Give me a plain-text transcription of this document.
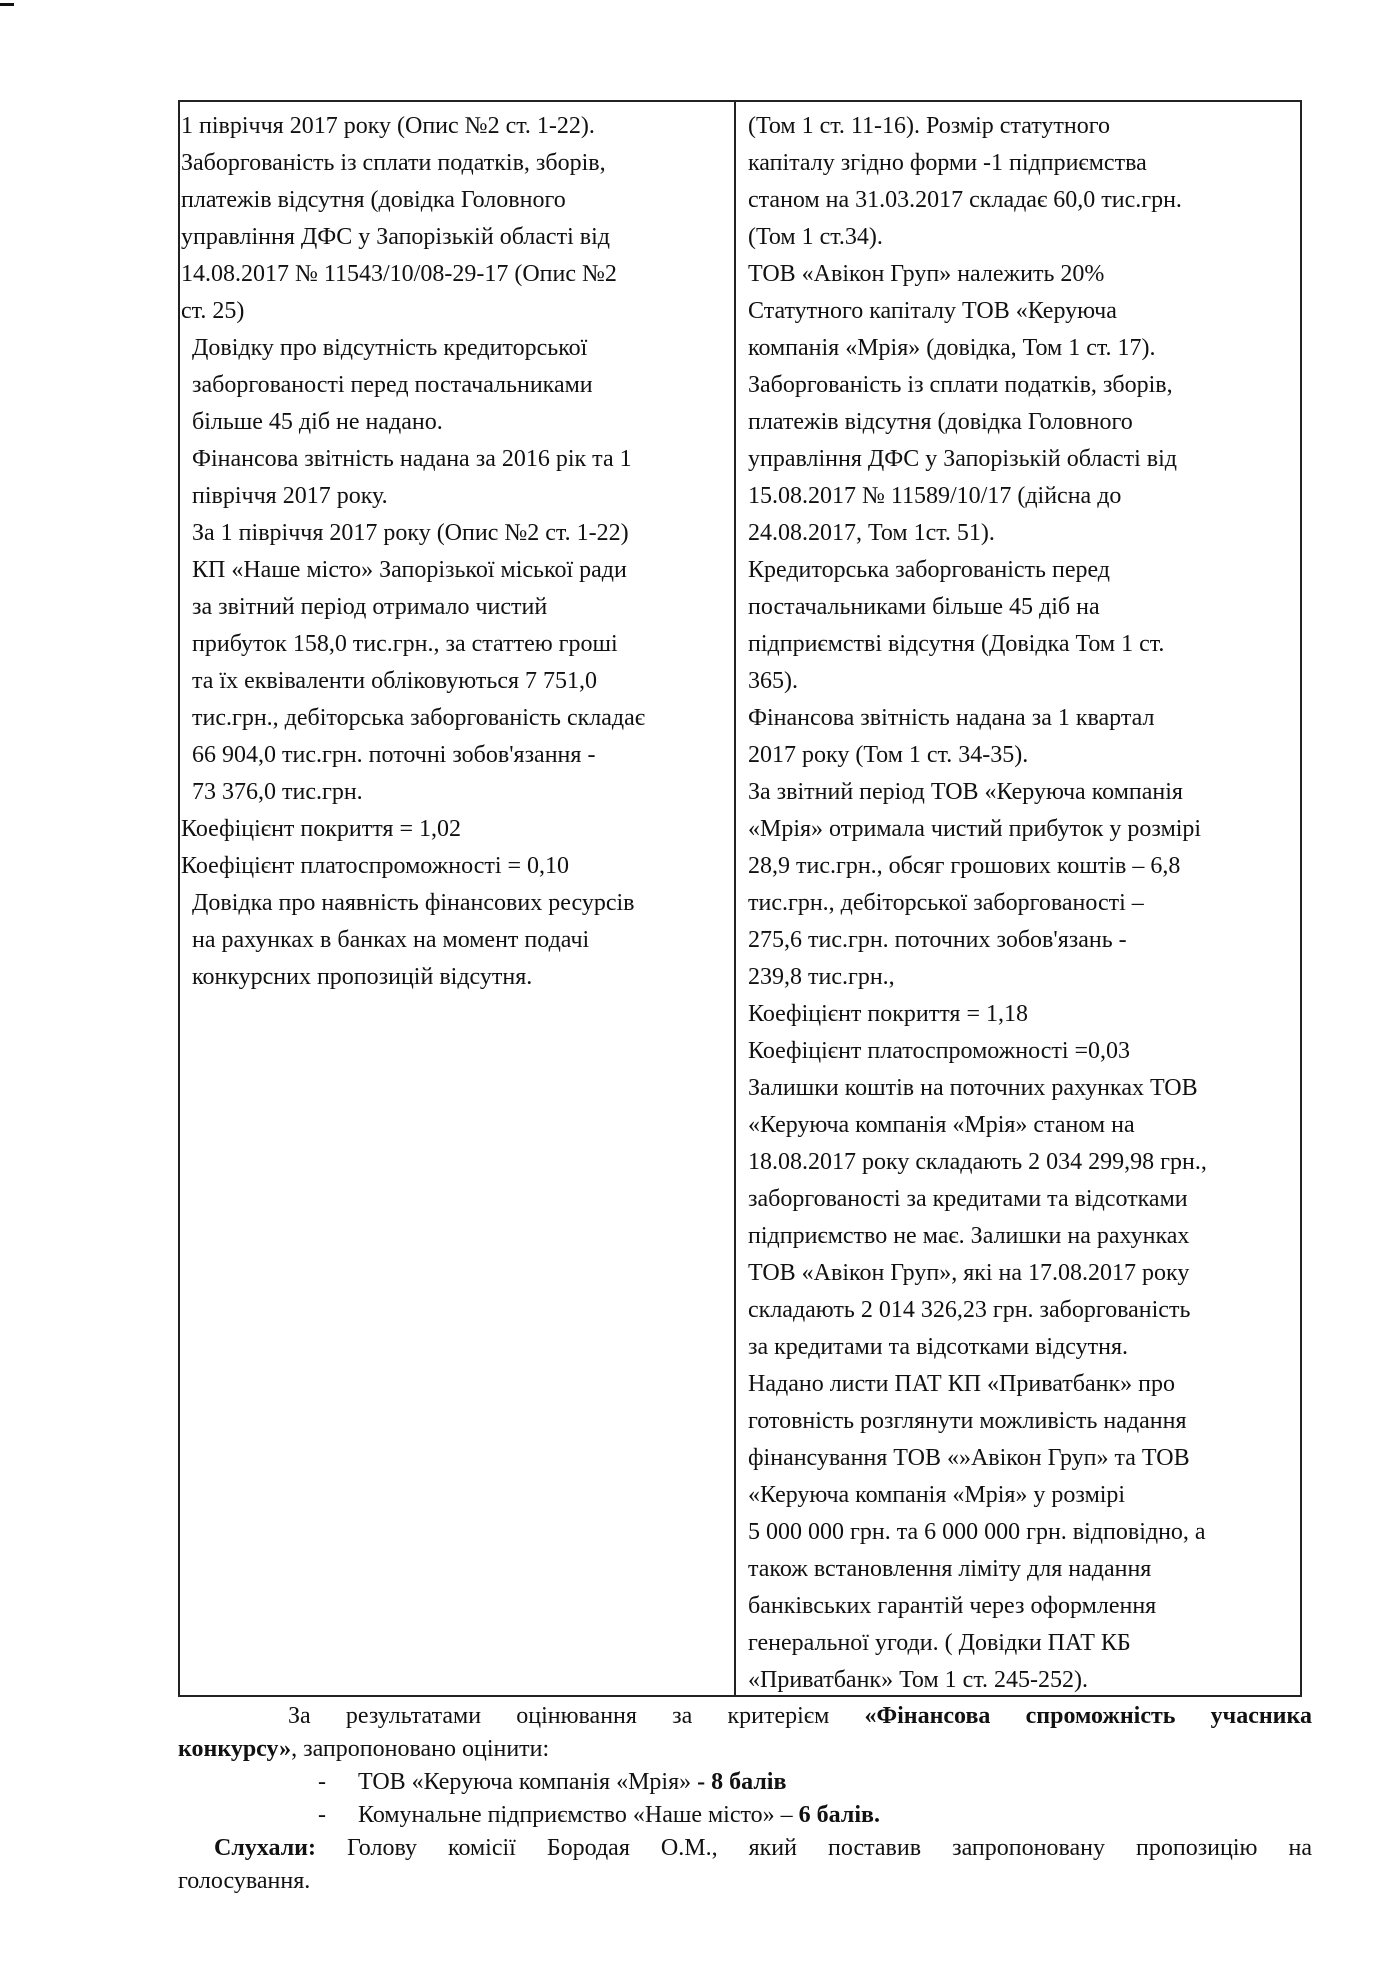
1 півріччя 2017 року (Опис №2 ст. 1-22).
Заборгованість із сплати податків, зборів,
платежів відсутня (довідка Головного
управління ДФС у Запорізькій області від
14.08.2017 № 11543/10/08-29-17 (Опис №2
ст. 25)
Довідку про відсутність кредиторської
заборгованості перед постачальниками
більше 45 діб не надано.
Фінансова звітність надана за 2016 рік та 1
півріччя 2017 року.
За 1 півріччя 2017 року (Опис №2 ст. 1-22)
КП «Наше місто» Запорізької міської ради
за звітний період отримало чистий
прибуток 158,0 тис.грн., за статтею гроші
та їх еквіваленти обліковуються 7 751,0
тис.грн., дебіторська заборгованість складає
66 904,0 тис.грн. поточні зобов'язання -
73 376,0 тис.грн.
Коефіцієнт покриття = 1,02
Коефіцієнт платоспроможності = 0,10
Довідка про наявність фінансових ресурсів
на рахунках в банках на момент подачі
конкурсних пропозицій відсутня.
(Том 1 ст. 11-16). Розмір статутного
капіталу згідно форми -1 підприємства
станом на 31.03.2017 складає 60,0 тис.грн.
(Том 1 ст.34).
ТОВ «Авікон Груп» належить 20%
Статутного капіталу ТОВ «Керуюча
компанія «Мрія» (довідка, Том 1 ст. 17).
Заборгованість із сплати податків, зборів,
платежів відсутня (довідка Головного
управління ДФС у Запорізькій області від
15.08.2017 № 11589/10/17 (дійсна до
24.08.2017, Том 1ст. 51).
Кредиторська заборгованість перед
постачальниками більше 45 діб на
підприємстві відсутня (Довідка Том 1 ст.
365).
Фінансова звітність надана за 1 квартал
2017 року (Том 1 ст. 34-35).
За звітний період ТОВ «Керуюча компанія
«Мрія» отримала чистий прибуток у розмірі
28,9 тис.грн., обсяг грошових коштів – 6,8
тис.грн., дебіторської заборгованості –
275,6 тис.грн. поточних зобов'язань -
239,8 тис.грн.,
Коефіцієнт покриття = 1,18
Коефіцієнт платоспроможності =0,03
Залишки коштів на поточних рахунках ТОВ
«Керуюча компанія «Мрія» станом на
18.08.2017 року складають 2 034 299,98 грн.,
заборгованості за кредитами та відсотками
підприємство не має. Залишки на рахунках
ТОВ «Авікон Груп», які на 17.08.2017 року
складають 2 014 326,23 грн. заборгованість
за кредитами та відсотками відсутня.
Надано листи ПАТ КП «Приватбанк» про
готовність розглянути можливість надання
фінансування ТОВ «»Авікон Груп» та ТОВ
«Керуюча компанія «Мрія» у розмірі
5 000 000 грн. та 6 000 000 грн. відповідно, а
також встановлення ліміту для надання
банківських гарантій через оформлення
генеральної угоди. ( Довідки ПАТ КБ
«Приватбанк» Том 1 ст. 245-252).
За результатами оцінювання за критерієм «Фінансова спроможність учасника
конкурсу», запропоновано оцінити:
- ТОВ «Керуюча компанія «Мрія» - 8 балів
- Комунальне підприємство «Наше місто» – 6 балів.
Слухали: Голову комісії Бородая О.М., який поставив запропоновану пропозицію на
голосування.
